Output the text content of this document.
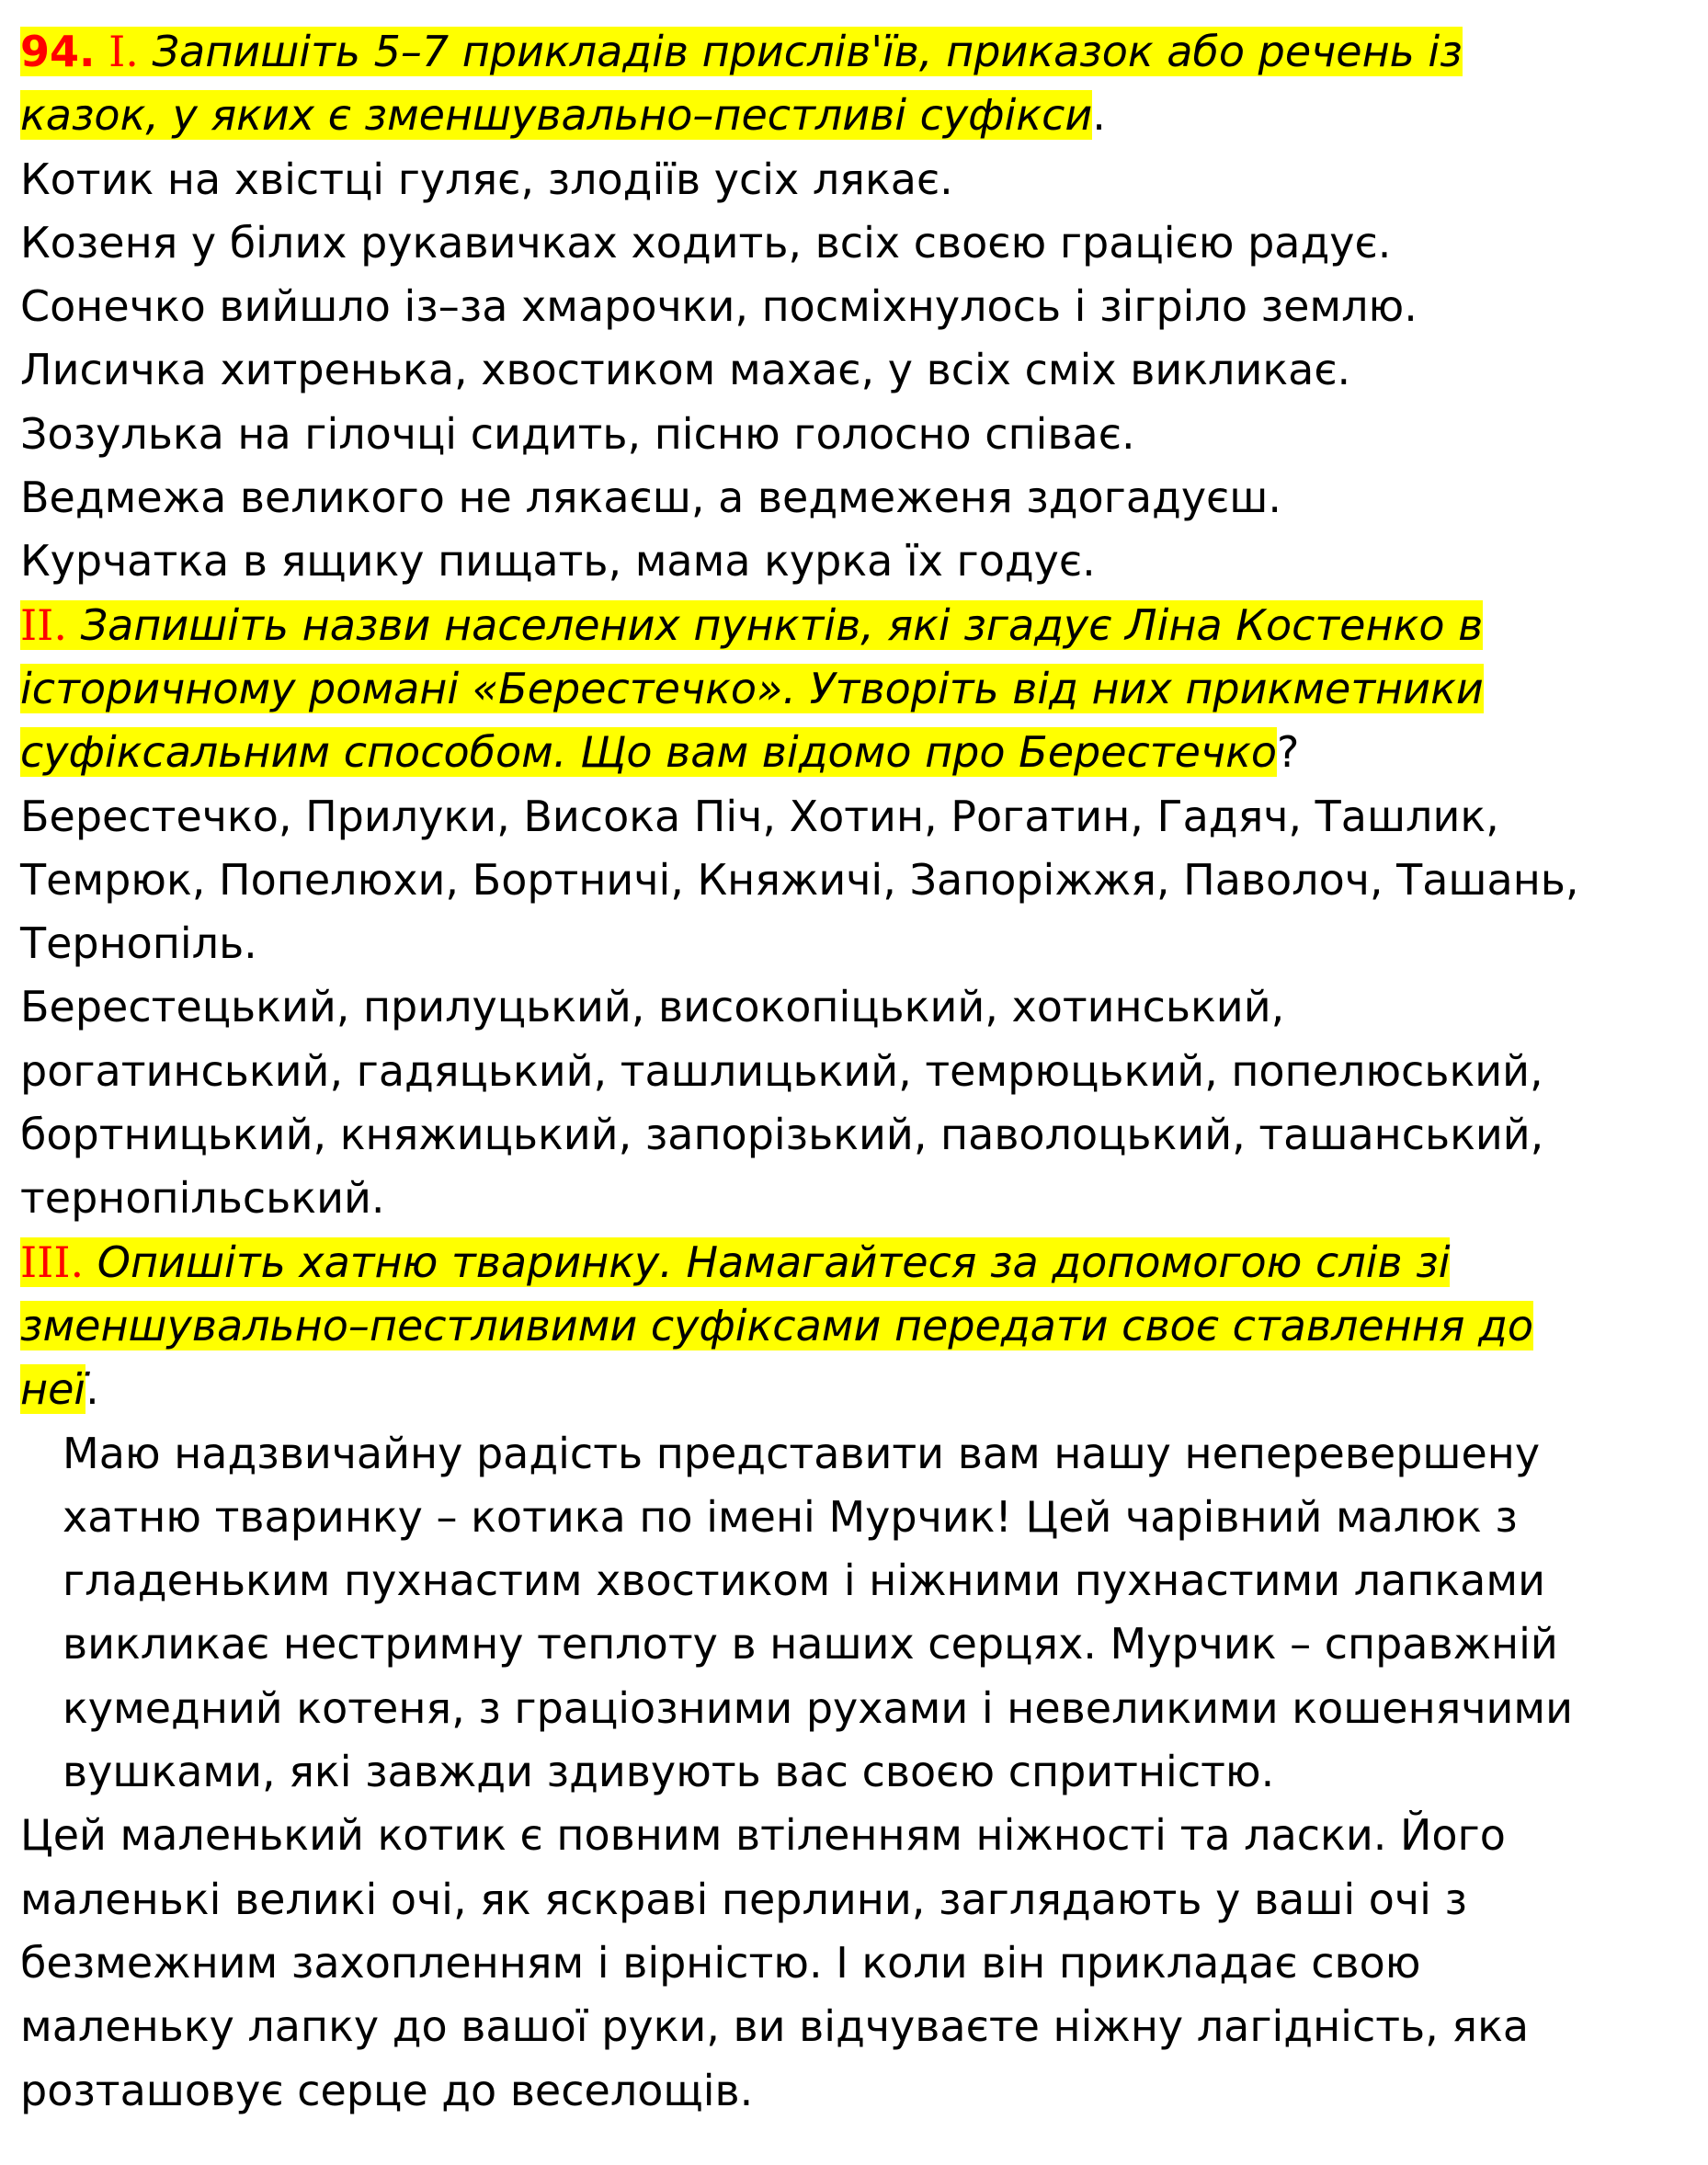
94. I. Запишіть 5–7 прикладів прислів'їв, приказок або речень із
казок, у яких є зменшувально–пестливі суфікси.
Котик на хвістці гуляє, злодіїв усіх лякає.
Козеня у білих рукавичках ходить, всіх своєю грацією радує.
Сонечко вийшло із–за хмарочки, посміхнулось і зігріло землю.
Лисичка хитренька, хвостиком махає, у всіх сміх викликає.
Зозулька на гілочці сидить, пісню голосно співає.
Ведмежа великого не лякаєш, а ведмеженя здогадуєш.
Курчатка в ящику пищать, мама курка їх годує.
II. Запишіть назви населених пунктів, які згадує Ліна Костенко в
історичному романі «Берестечко». Утворіть від них прикметники
суфіксальним способом. Що вам відомо про Берестечко?
Берестечко, Прилуки, Висока Піч, Хотин, Рогатин, Гадяч, Ташлик,
Темрюк, Попелюхи, Бортничі, Княжичі, Запоріжжя, Паволоч, Ташань,
Тернопіль.
Берестецький, прилуцький, високопіцький, хотинський,
рогатинський, гадяцький, ташлицький, темрюцький, попелюський,
бортницький, княжицький, запорізький, паволоцький, ташанський,
тернопільський.
III. Опишіть хатню тваринку. Намагайтеся за допомогою слів зі
зменшувально–пестливими суфіксами передати своє ставлення до
неї.
Маю надзвичайну радість представити вам нашу неперевершену
хатню тваринку – котика по імені Мурчик! Цей чарівний малюк з
гладеньким пухнастим хвостиком і ніжними пухнастими лапками
викликає нестримну теплоту в наших серцях. Мурчик – справжній
кумедний котеня, з граціозними рухами і невеликими кошенячими
вушками, які завжди здивують вас своєю спритністю.
Цей маленький котик є повним втіленням ніжності та ласки. Його
маленькі великі очі, як яскраві перлини, заглядають у ваші очі з
безмежним захопленням і вірністю. І коли він прикладає свою
маленьку лапку до вашої руки, ви відчуваєте ніжну лагідність, яка
розташовує серце до веселощів.
